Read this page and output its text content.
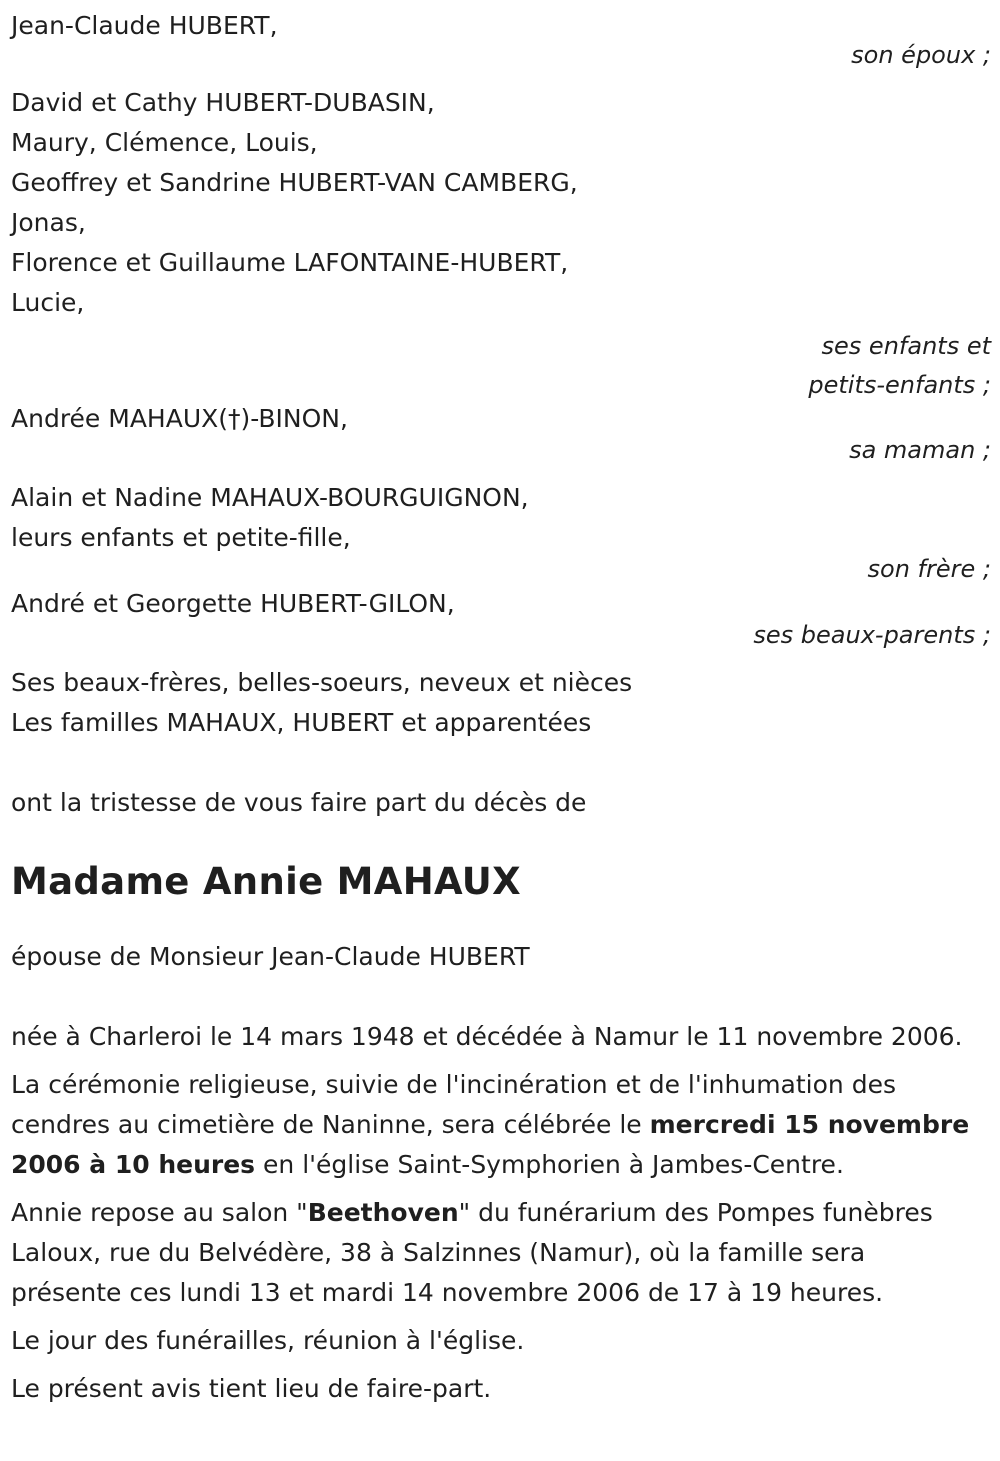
Jean-Claude HUBERT,
son époux ;
David et Cathy HUBERT-DUBASIN,
Maury, Clémence, Louis,
Geoffrey et Sandrine HUBERT-VAN CAMBERG,
Jonas,
Florence et Guillaume LAFONTAINE-HUBERT,
Lucie,
ses enfants et
petits-enfants ;
Andrée MAHAUX(†)-BINON,
sa maman ;
Alain et Nadine MAHAUX-BOURGUIGNON,
leurs enfants et petite-fille,
son frère ;
André et Georgette HUBERT-GILON,
ses beaux-parents ;
Ses beaux-frères, belles-soeurs, neveux et nièces
Les familles MAHAUX, HUBERT et apparentées
ont la tristesse de vous faire part du décès de
Madame Annie MAHAUX
épouse de Monsieur Jean-Claude HUBERT
née à Charleroi le 14 mars 1948 et décédée à Namur le 11 novembre 2006.
La cérémonie religieuse, suivie de l'incinération et de l'inhumation des cendres au cimetière de Naninne, sera célébrée le mercredi 15 novembre 2006 à 10 heures en l'église Saint-Symphorien à Jambes-Centre.
Annie repose au salon "Beethoven" du funérarium des Pompes funèbres Laloux, rue du Belvédère, 38 à Salzinnes (Namur), où la famille sera présente ces lundi 13 et mardi 14 novembre 2006 de 17 à 19 heures.
Le jour des funérailles, réunion à l'église.
Le présent avis tient lieu de faire-part.
